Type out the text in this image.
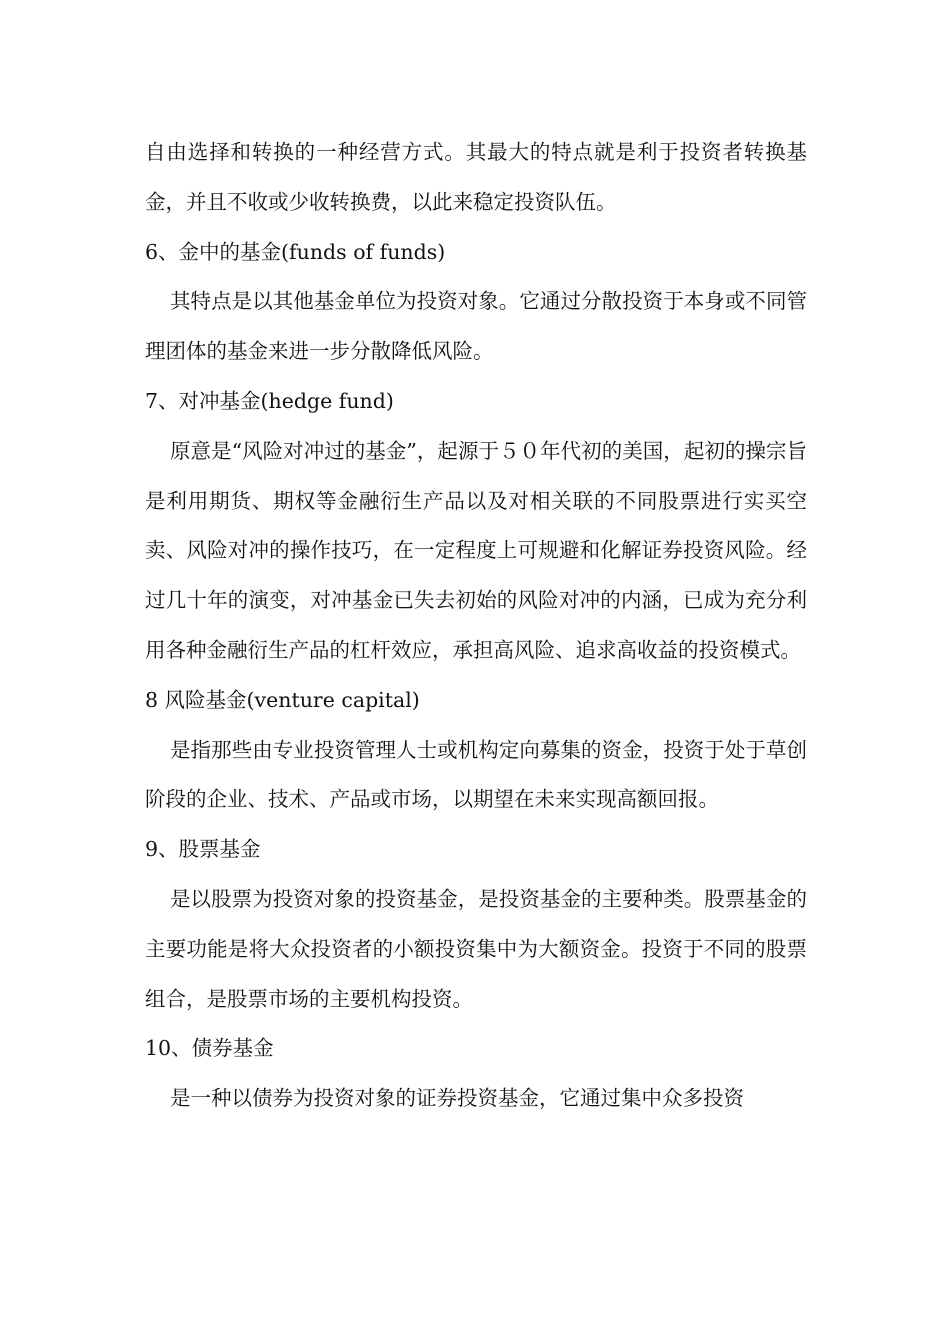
自由选择和转换的一种经营方式。其最大的特点就是利于投资者转换基金，并且不收或少收转换费，以此来稳定投资队伍。

6、金中的基金(funds of funds)

其特点是以其他基金单位为投资对象。它通过分散投资于本身或不同管理团体的基金来进一步分散降低风险。

7、对冲基金(hedge fund)

原意是“风险对冲过的基金”，起源于５０年代初的美国，起初的操宗旨是利用期货、期权等金融衍生产品以及对相关联的不同股票进行实买空卖、风险对冲的操作技巧，在一定程度上可规避和化解证券投资风险。经过几十年的演变，对冲基金已失去初始的风险对冲的内涵，已成为充分利用各种金融衍生产品的杠杆效应，承担高风险、追求高收益的投资模式。

8 风险基金(venture capital)

是指那些由专业投资管理人士或机构定向募集的资金，投资于处于草创阶段的企业、技术、产品或市场，以期望在未来实现高额回报。

9、股票基金

是以股票为投资对象的投资基金，是投资基金的主要种类。股票基金的主要功能是将大众投资者的小额投资集中为大额资金。投资于不同的股票组合，是股票市场的主要机构投资。

10、债券基金

是一种以债券为投资对象的证券投资基金，它通过集中众多投资
